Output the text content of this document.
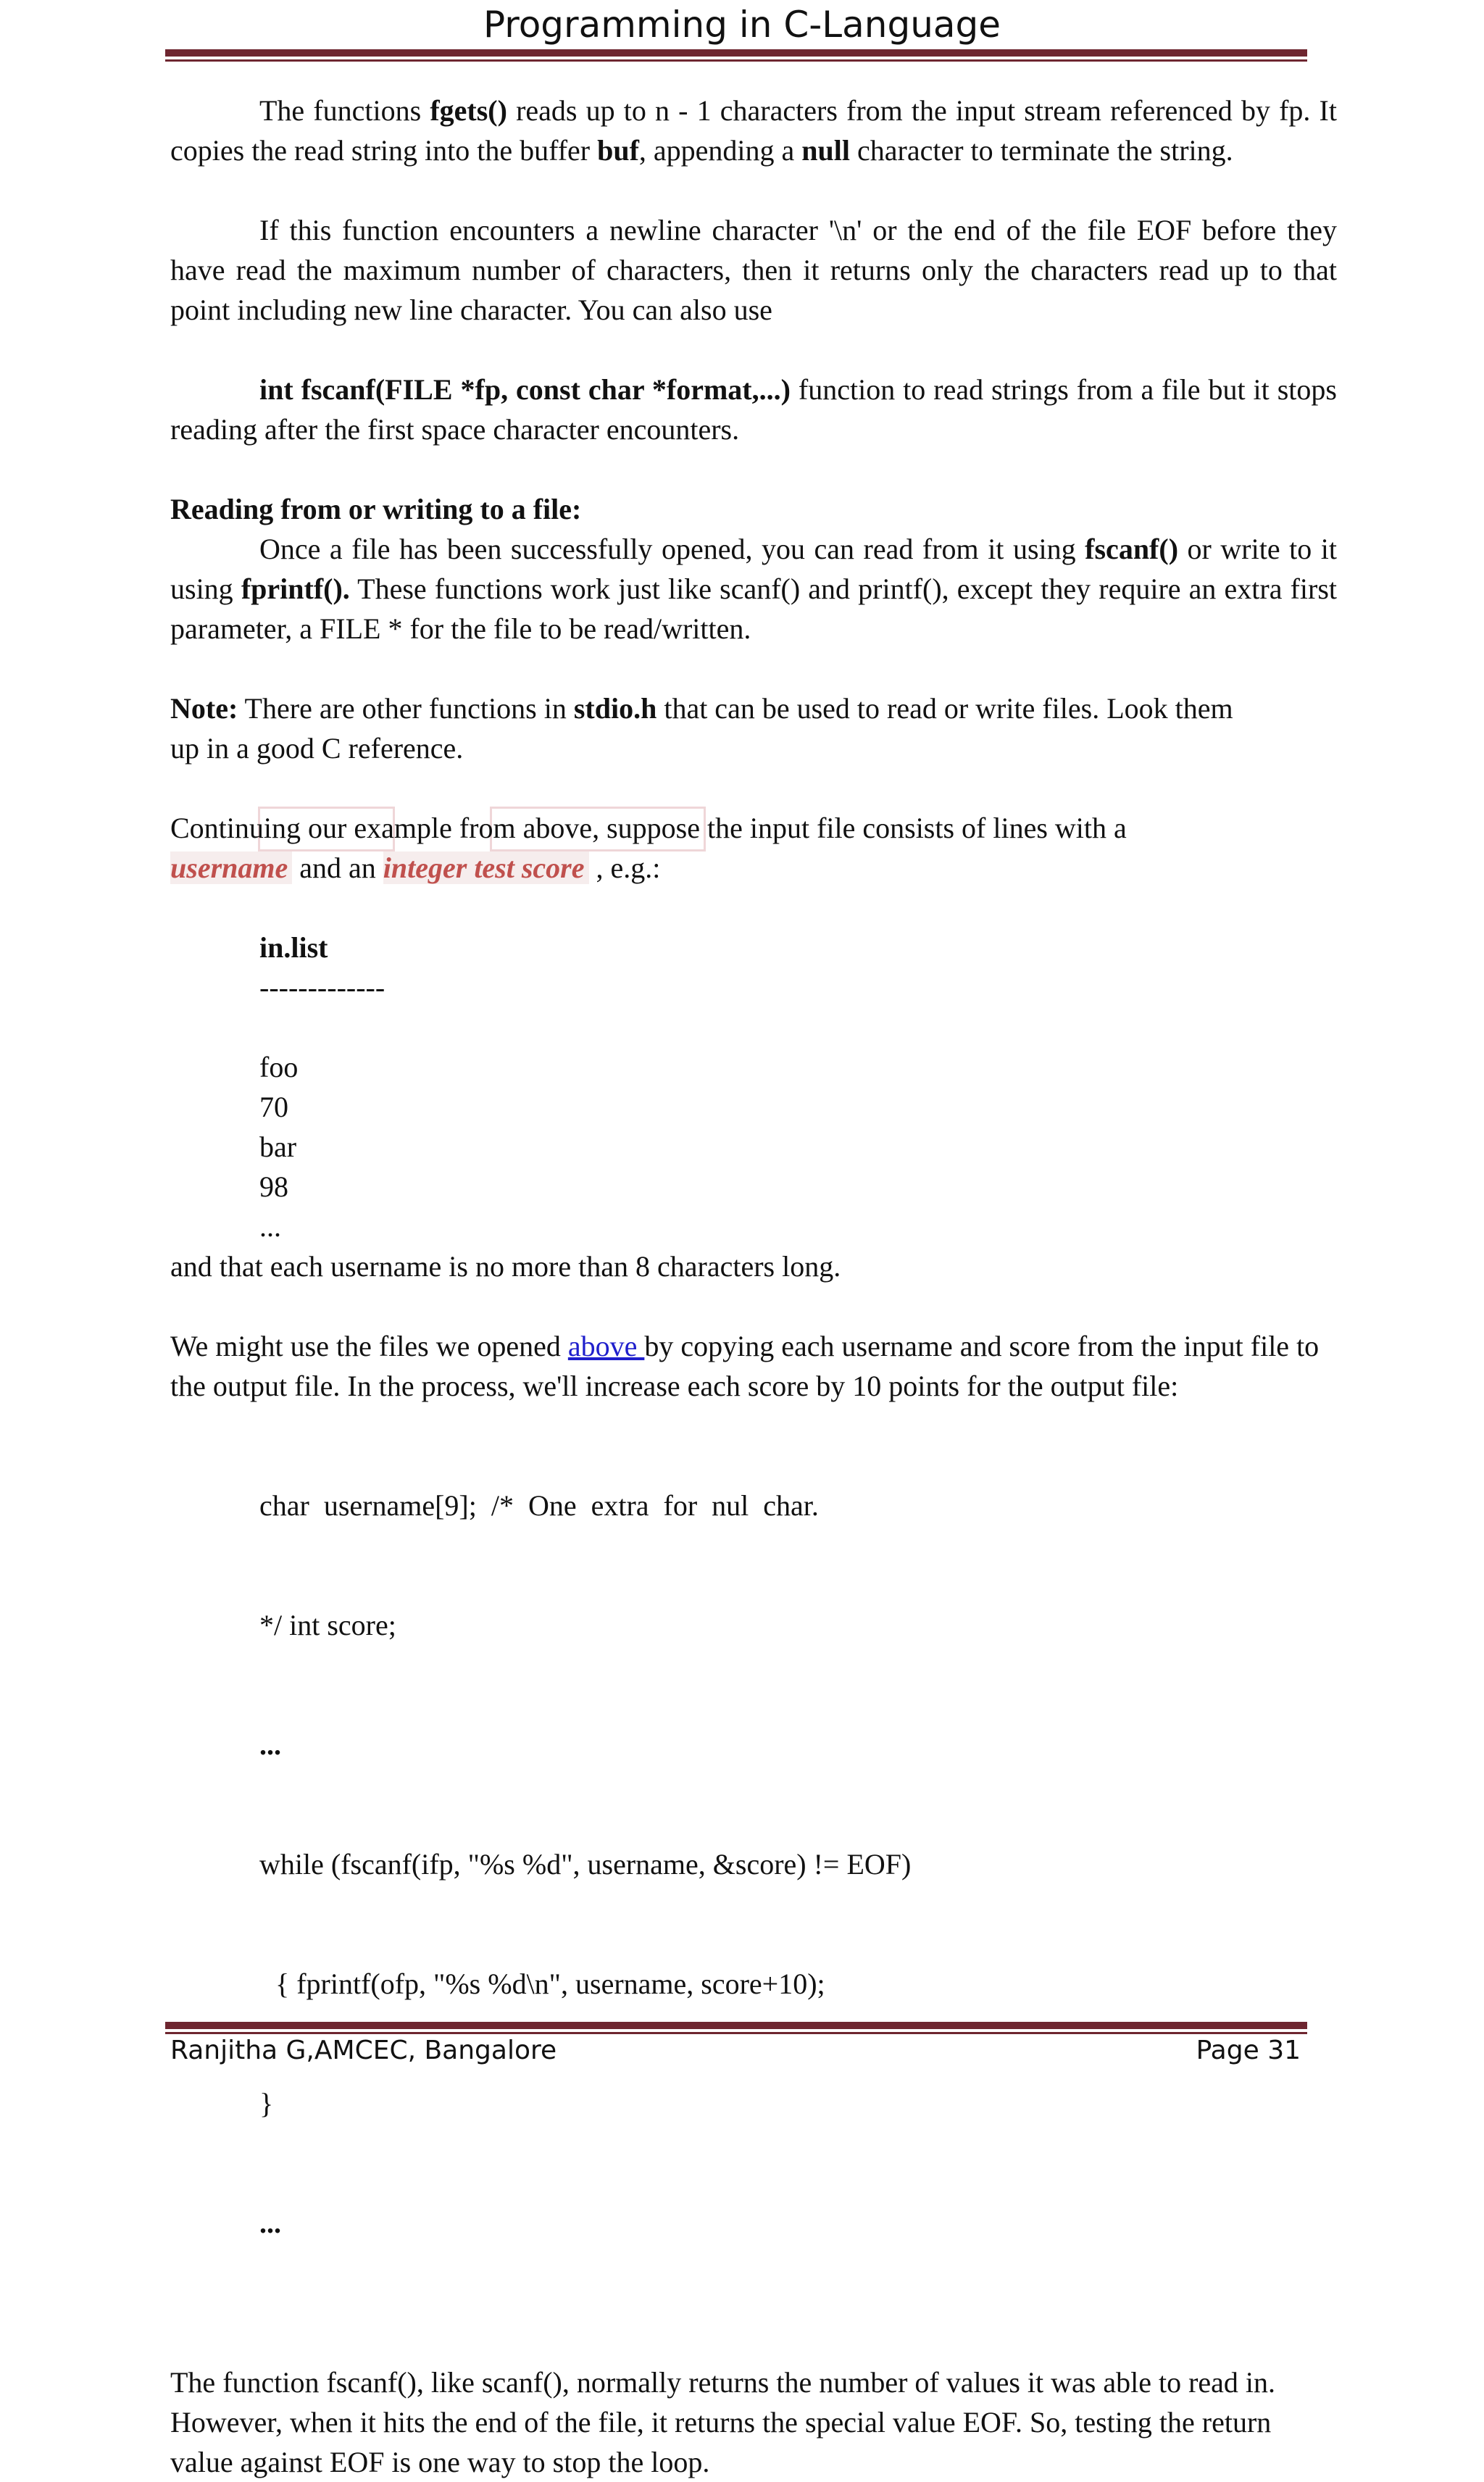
Programming in C-Language

The functions fgets() reads up to n - 1 characters from the input stream referenced by fp. It copies the read string into the buffer buf, appending a null character to terminate the string.

If this function encounters a newline character '\n' or the end of the file EOF before they have read the maximum number of characters, then it returns only the characters read up to that point including new line character. You can also use

int fscanf(FILE *fp, const char *format,...) function to read strings from a file but it stops reading after the first space character encounters.

Reading from or writing to a file:

Once a file has been successfully opened, you can read from it using fscanf() or write to it using fprintf(). These functions work just like scanf() and printf(), except they require an extra first parameter, a FILE * for the file to be read/written.

Note: There are other functions in stdio.h that can be used to read or write files. Look them

up in a good C reference.

Continuing our example from above, suppose the input file consists of lines with a

username and an integer test score , e.g.:

in.list

-------------

foo

70

bar

98

...

and that each username is no more than 8 characters long.

We might use the files we opened above by copying each username and score from the input file to the output file. In the process, we'll increase each score by 10 points for the output file:

char  username[9];  /*  One  extra  for  nul  char.

*/ int score;

...

while (fscanf(ifp, "%s %d", username, &score) != EOF)

{ fprintf(ofp, "%s %d\n", username, score+10);

}

...

The function fscanf(), like scanf(), normally returns the number of values it was able to read in. However, when it hits the end of the file, it returns the special value EOF. So, testing the return value against EOF is one way to stop the loop.

Ranjitha G,AMCEC, Bangalore	Page 31
